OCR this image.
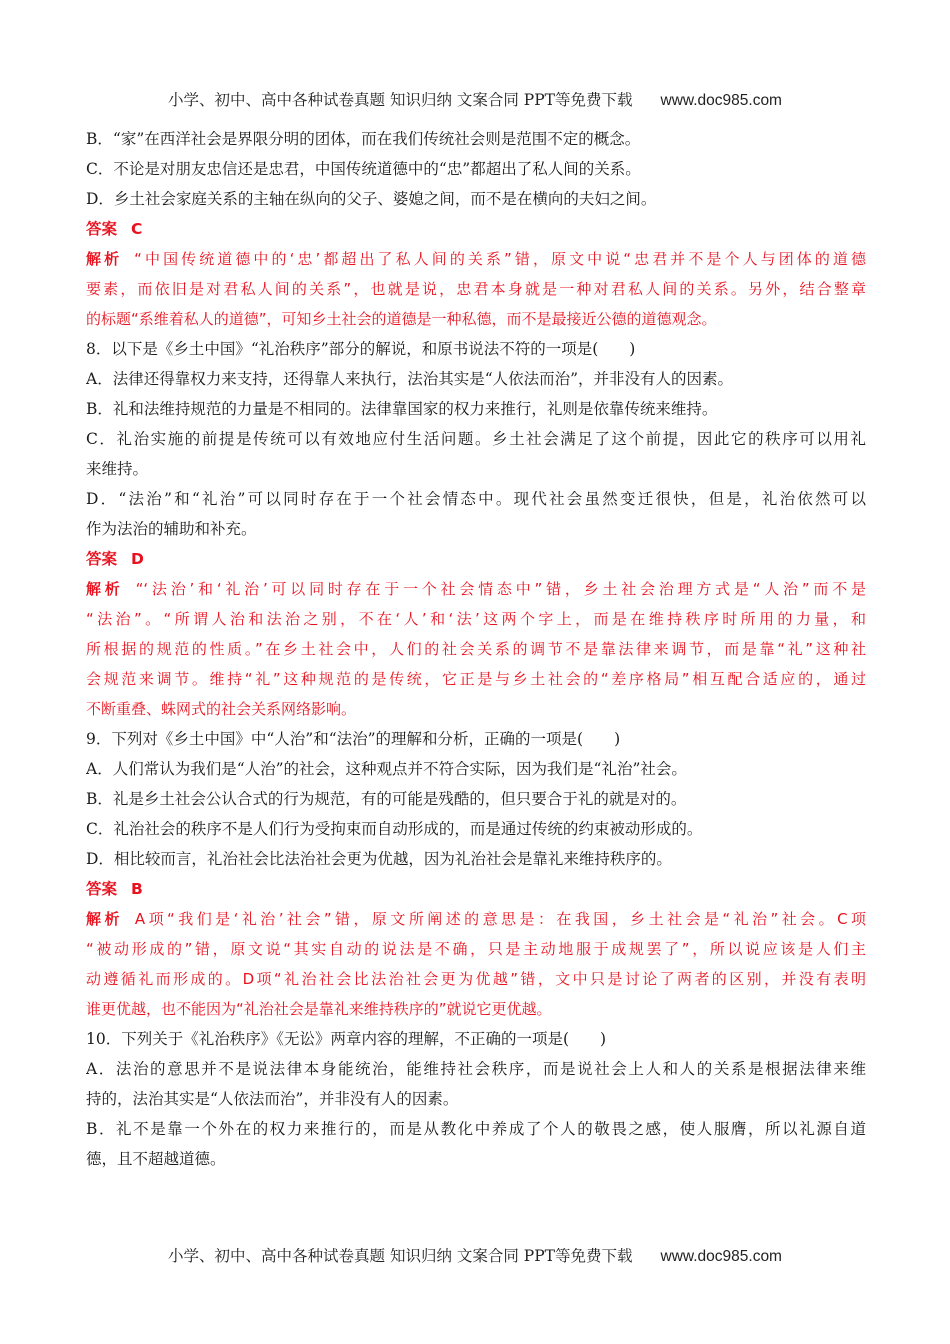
小学、初中、高中各种试卷真题 知识归纳 文案合同 PPT等免费下载 www.doc985.com
B．“家”在西洋社会是界限分明的团体，而在我们传统社会则是范围不定的概念。
C．不论是对朋友忠信还是忠君，中国传统道德中的“忠”都超出了私人间的关系。
D．乡土社会家庭关系的主轴在纵向的父子、婆媳之间，而不是在横向的夫妇之间。
答案 C
解析 “中国传统道德中的‘忠’都超出了私人间的关系”错，原文中说“忠君并不是个人与团体的道德
要素，而依旧是对君私人间的关系”，也就是说，忠君本身就是一种对君私人间的关系。另外，结合整章
的标题“系维着私人的道德”，可知乡土社会的道德是一种私德，而不是最接近公德的道德观念。
8．以下是《乡土中国》“礼治秩序”部分的解说，和原书说法不符的一项是(　　)
A．法律还得靠权力来支持，还得靠人来执行，法治其实是“人依法而治”，并非没有人的因素。
B．礼和法维持规范的力量是不相同的。法律靠国家的权力来推行，礼则是依靠传统来维持。
C．礼治实施的前提是传统可以有效地应付生活问题。乡土社会满足了这个前提，因此它的秩序可以用礼
来维持。
D．“法治”和“礼治”可以同时存在于一个社会情态中。现代社会虽然变迁很快，但是，礼治依然可以
作为法治的辅助和补充。
答案 D
解析 “‘法治’和‘礼治’可以同时存在于一个社会情态中”错，乡土社会治理方式是“人治”而不是
“法治”。“所谓人治和法治之别，不在‘人’和‘法’这两个字上，而是在维持秩序时所用的力量，和
所根据的规范的性质。”在乡土社会中，人们的社会关系的调节不是靠法律来调节，而是靠“礼”这种社
会规范来调节。维持“礼”这种规范的是传统，它正是与乡土社会的“差序格局”相互配合适应的，通过
不断重叠、蛛网式的社会关系网络影响。
9．下列对《乡土中国》中“人治”和“法治”的理解和分析，正确的一项是(　　)
A．人们常认为我们是“人治”的社会，这种观点并不符合实际，因为我们是“礼治”社会。
B．礼是乡土社会公认合式的行为规范，有的可能是残酷的，但只要合于礼的就是对的。
C．礼治社会的秩序不是人们行为受拘束而自动形成的，而是通过传统的约束被动形成的。
D．相比较而言，礼治社会比法治社会更为优越，因为礼治社会是靠礼来维持秩序的。
答案 B
解析 A项“我们是‘礼治’社会”错，原文所阐述的意思是：在我国，乡土社会是“礼治”社会。C项
“被动形成的”错，原文说“其实自动的说法是不确，只是主动地服于成规罢了”，所以说应该是人们主
动遵循礼而形成的。D项“礼治社会比法治社会更为优越”错，文中只是讨论了两者的区别，并没有表明
谁更优越，也不能因为“礼治社会是靠礼来维持秩序的”就说它更优越。
10．下列关于《礼治秩序》《无讼》两章内容的理解，不正确的一项是(　　)
A．法治的意思并不是说法律本身能统治，能维持社会秩序，而是说社会上人和人的关系是根据法律来维
持的，法治其实是“人依法而治”，并非没有人的因素。
B．礼不是靠一个外在的权力来推行的，而是从教化中养成了个人的敬畏之感，使人服膺，所以礼源自道
德，且不超越道德。
小学、初中、高中各种试卷真题 知识归纳 文案合同 PPT等免费下载 www.doc985.com
